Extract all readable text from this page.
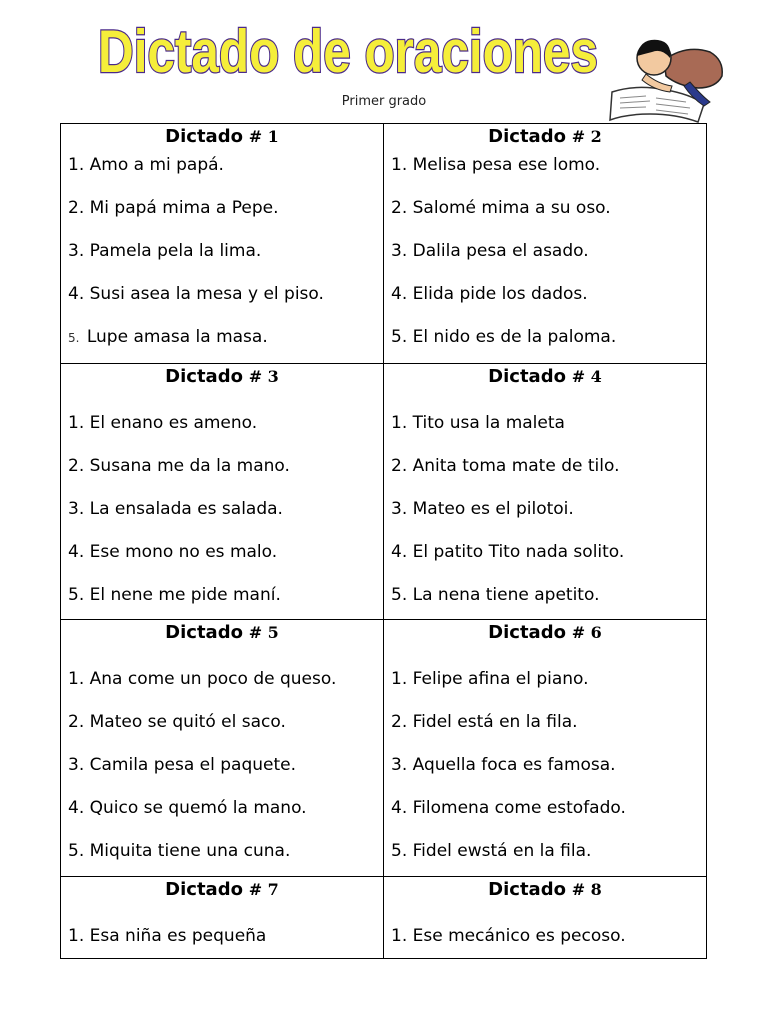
Dictado de oraciones
Primer grado
Dictado # 1
1. Amo a mi papá.
2. Mi papá mima a Pepe.
3. Pamela pela la lima.
4. Susi asea la mesa y el piso.
5. Lupe amasa la masa.
Dictado # 2
1. Melisa pesa ese lomo.
2. Salomé mima a su oso.
3. Dalila pesa el asado.
4. Elida pide los dados.
5. El nido es de la paloma.
Dictado # 3
1. El enano es ameno.
2. Susana me da la mano.
3. La ensalada es salada.
4. Ese mono no es malo.
5. El nene me pide maní.
Dictado # 4
1. Tito usa la maleta
2. Anita toma mate de tilo.
3. Mateo es el pilotoi.
4. El patito Tito nada solito.
5. La nena tiene apetito.
Dictado # 5
1. Ana come un poco de queso.
2. Mateo se quitó el saco.
3. Camila pesa el paquete.
4. Quico se quemó la mano.
5. Miquita tiene una cuna.
Dictado # 6
1. Felipe afina el piano.
2. Fidel está en la fila.
3. Aquella foca es famosa.
4. Filomena come estofado.
5. Fidel ewstá en la fila.
Dictado # 7
1. Esa niña es pequeña
Dictado # 8
1. Ese mecánico es pecoso.
